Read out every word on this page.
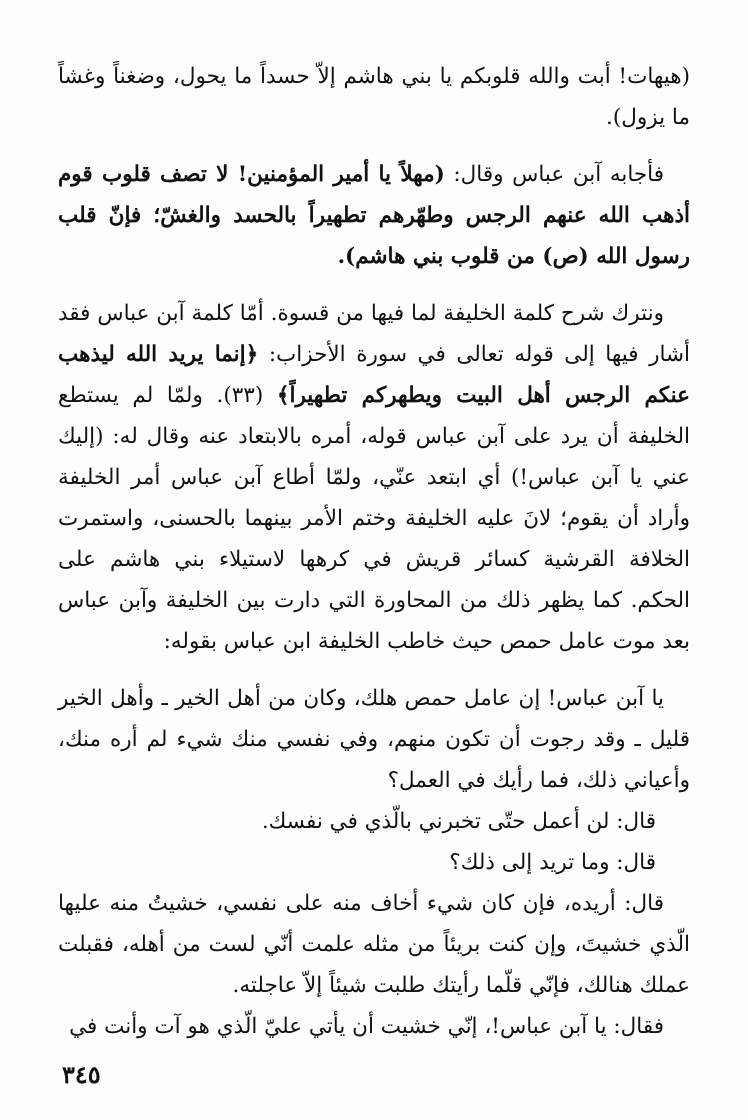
(هيهات! أبت والله قلوبكم يا بني هاشم إلاّ حسداً ما يحول، وضغناً وغشاً ما يزول).

فأجابه آبن عباس وقال: (مهلاً يا أمير المؤمنين! لا تصف قلوب قوم أذهب الله عنهم الرجس وطهّرهم تطهيراً بالحسد والغشّ؛ فإنّ قلب رسول الله (ص) من قلوب بني هاشم).

ونترك شرح كلمة الخليفة لما فيها من قسوة. أمّا كلمة آبن عباس فقد أشار فيها إلى قوله تعالى في سورة الأحزاب: ﴿إنما يريد الله ليذهب عنكم الرجس أهل البيت ويطهركم تطهيراً﴾ (٣٣). ولمّا لم يستطع الخليفة أن يرد على آبن عباس قوله، أمره بالابتعاد عنه وقال له: (إليك عني يا آبن عباس!) أي ابتعد عنّي، ولمّا أطاع آبن عباس أمر الخليفة وأراد أن يقوم؛ لانَ عليه الخليفة وختم الأمر بينهما بالحسنى، واستمرت الخلافة القرشية كسائر قريش في كرهها لاستيلاء بني هاشم على الحكم. كما يظهر ذلك من المحاورة التي دارت بين الخليفة وآبن عباس بعد موت عامل حمص حيث خاطب الخليفة ابن عباس بقوله:

يا آبن عباس! إن عامل حمص هلك، وكان من أهل الخير ـ وأهل الخير قليل ـ وقد رجوت أن تكون منهم، وفي نفسي منك شيء لم أره منك، وأعياني ذلك، فما رأيك في العمل؟

قال: لن أعمل حتّى تخبرني بالّذي في نفسك.

قال: وما تريد إلى ذلك؟

قال: أريده، فإن كان شيء أخاف منه على نفسي، خشيتُ منه عليها الّذي خشيتَ، وإن كنت بريئاً من مثله علمت أنّي لست من أهله، فقبلت عملك هنالك، فإنّي قلّما رأيتك طلبت شيئاً إلاّ عاجلته.

فقال: يا آبن عباس!، إنّي خشيت أن يأتي عليّ الّذي هو آت وأنت في

٣٤٥
